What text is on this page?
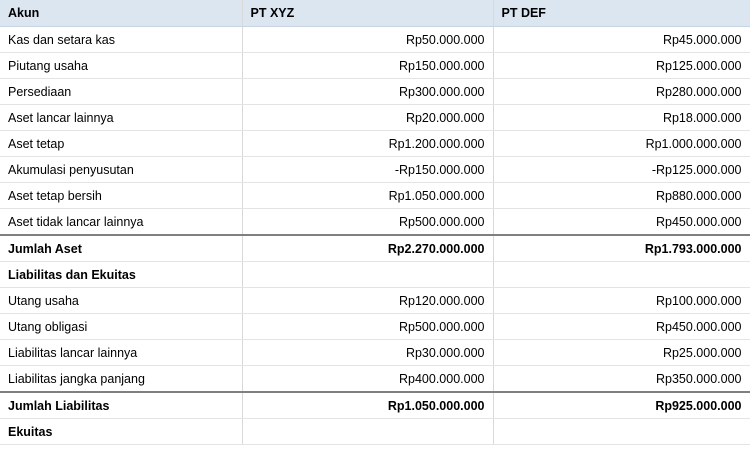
Akun	PT XYZ	PT DEF
Kas dan setara kas	Rp50.000.000	Rp45.000.000
Piutang usaha	Rp150.000.000	Rp125.000.000
Persediaan	Rp300.000.000	Rp280.000.000
Aset lancar lainnya	Rp20.000.000	Rp18.000.000
Aset tetap	Rp1.200.000.000	Rp1.000.000.000
Akumulasi penyusutan	-Rp150.000.000	-Rp125.000.000
Aset tetap bersih	Rp1.050.000.000	Rp880.000.000
Aset tidak lancar lainnya	Rp500.000.000	Rp450.000.000
Jumlah Aset	Rp2.270.000.000	Rp1.793.000.000
Liabilitas dan Ekuitas		
Utang usaha	Rp120.000.000	Rp100.000.000
Utang obligasi	Rp500.000.000	Rp450.000.000
Liabilitas lancar lainnya	Rp30.000.000	Rp25.000.000
Liabilitas jangka panjang	Rp400.000.000	Rp350.000.000
Jumlah Liabilitas	Rp1.050.000.000	Rp925.000.000
Ekuitas		
